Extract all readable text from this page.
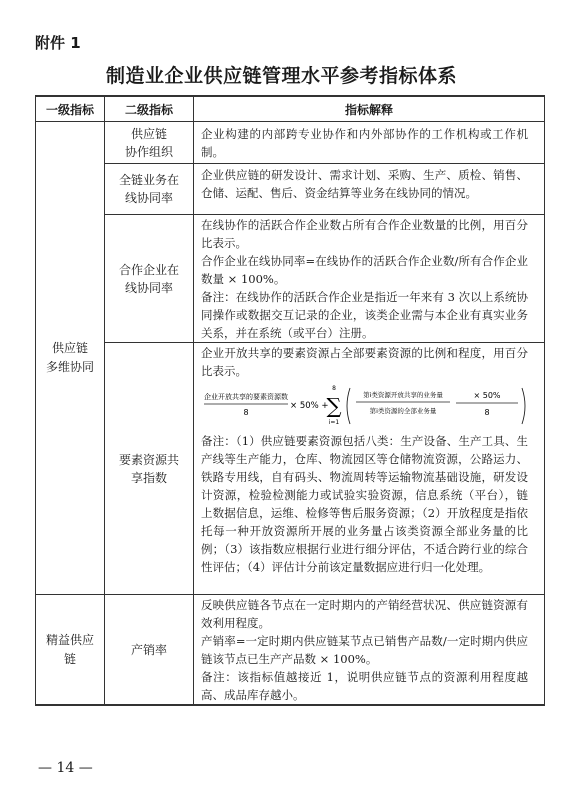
附件 1
制造业企业供应链管理水平参考指标体系
一级指标	二级指标	指标解释
供应链
多维协同
精益供应
链
供应链
协作组织
全链业务在
线协同率
合作企业在
线协同率
要素资源共
享指数
产销率
企业构建的内部跨专业协作和内外部协作的工作机构或工作机制。
企业供应链的研发设计、需求计划、采购、生产、质检、销售、仓储、运配、售后、资金结算等业务在线协同的情况。
在线协作的活跃合作企业数占所有合作企业数量的比例，用百分比表示。
合作企业在线协同率=在线协作的活跃合作企业数/所有合作企业数量 × 100%。
备注：在线协作的活跃合作企业是指近一年来有 3 次以上系统协同操作或数据交互记录的企业，该类企业需与本企业有真实业务关系，并在系统（或平台）注册。
企业开放共享的要素资源占全部要素资源的比例和程度，用百分比表示。
企业开放共享的要素资源数
8
× 50% +
8
∑
i=1
第i类资源开放共享的业务量
第i类资源的全部业务量
× 50%
8
备注：（1）供应链要素资源包括八类：生产设备、生产工具、生产线等生产能力，仓库、物流园区等仓储物流资源，公路运力、铁路专用线，自有码头、物流周转等运输物流基础设施，研发设计资源，检验检测能力或试验实验资源，信息系统（平台），链上数据信息，运维、检修等售后服务资源；（2）开放程度是指依托每一种开放资源所开展的业务量占该类资源全部业务量的比例；（3）该指数应根据行业进行细分评估，不适合跨行业的综合性评估；（4）评估计分前该定量数据应进行归一化处理。
反映供应链各节点在一定时期内的产销经营状况、供应链资源有效利用程度。
产销率=一定时期内供应链某节点已销售产品数/一定时期内供应链该节点已生产产品数 × 100%。
备注：该指标值越接近 1，说明供应链节点的资源利用程度越高、成品库存越小。
— 14 —
